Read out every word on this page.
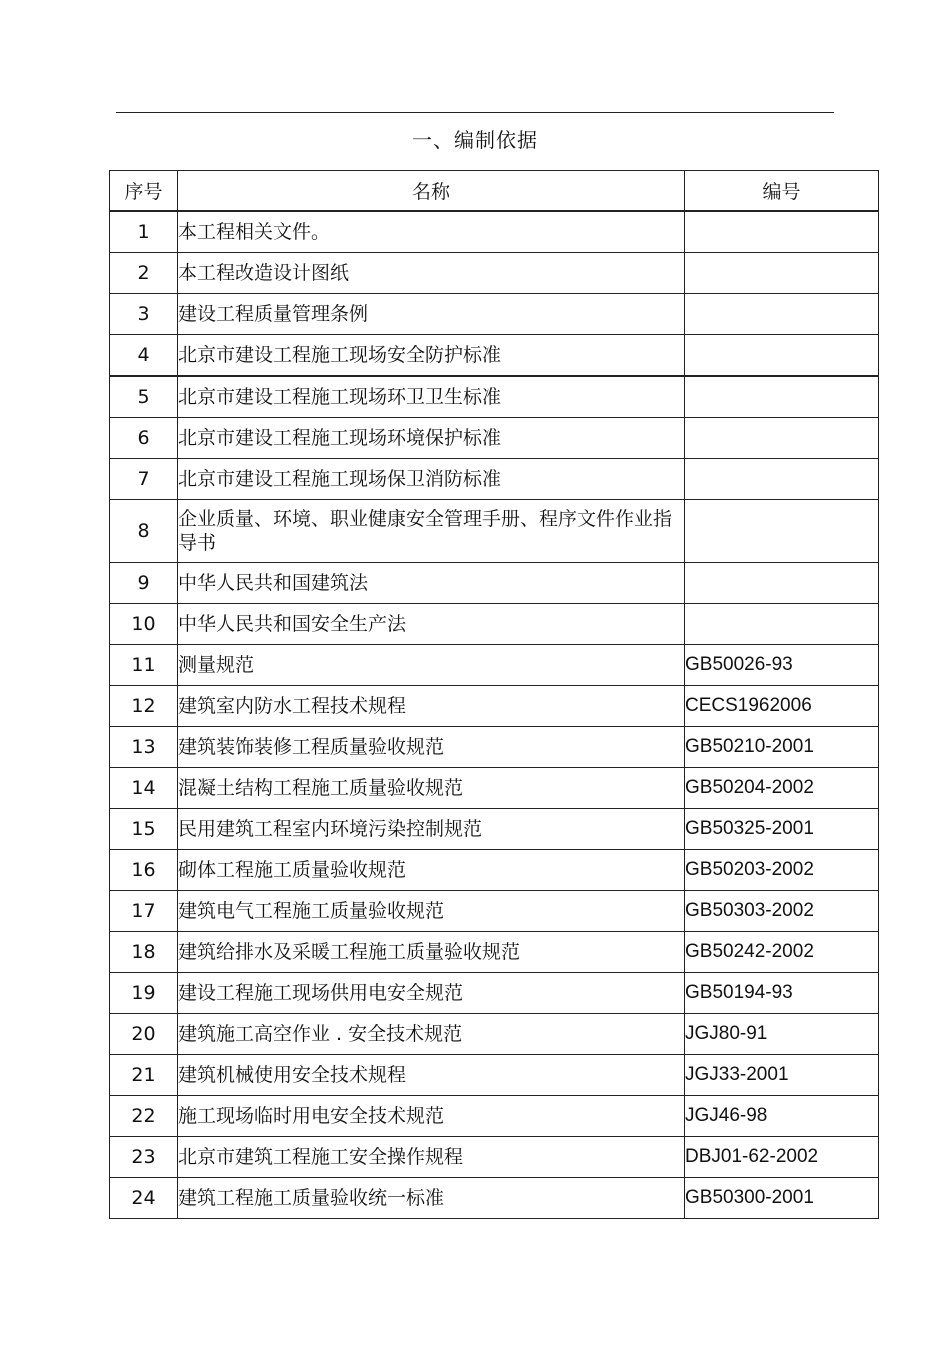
一、编制依据
序号	名称	编号
1	本工程相关文件。	
2	本工程改造设计图纸	
3	建设工程质量管理条例	
4	北京市建设工程施工现场安全防护标准	
5	北京市建设工程施工现场环卫卫生标准	
6	北京市建设工程施工现场环境保护标准	
7	北京市建设工程施工现场保卫消防标准	
8	企业质量、环境、职业健康安全管理手册、程序文件作业指导书	
9	中华人民共和国建筑法	
10	中华人民共和国安全生产法	
11	测量规范	GB50026-93
12	建筑室内防水工程技术规程	CECS1962006
13	建筑装饰装修工程质量验收规范	GB50210-2001
14	混凝土结构工程施工质量验收规范	GB50204-2002
15	民用建筑工程室内环境污染控制规范	GB50325-2001
16	砌体工程施工质量验收规范	GB50203-2002
17	建筑电气工程施工质量验收规范	GB50303-2002
18	建筑给排水及采暖工程施工质量验收规范	GB50242-2002
19	建设工程施工现场供用电安全规范	GB50194-93
20	建筑施工高空作业 . 安全技术规范	JGJ80-91
21	建筑机械使用安全技术规程	JGJ33-2001
22	施工现场临时用电安全技术规范	JGJ46-98
23	北京市建筑工程施工安全操作规程	DBJ01-62-2002
24	建筑工程施工质量验收统一标准	GB50300-2001
